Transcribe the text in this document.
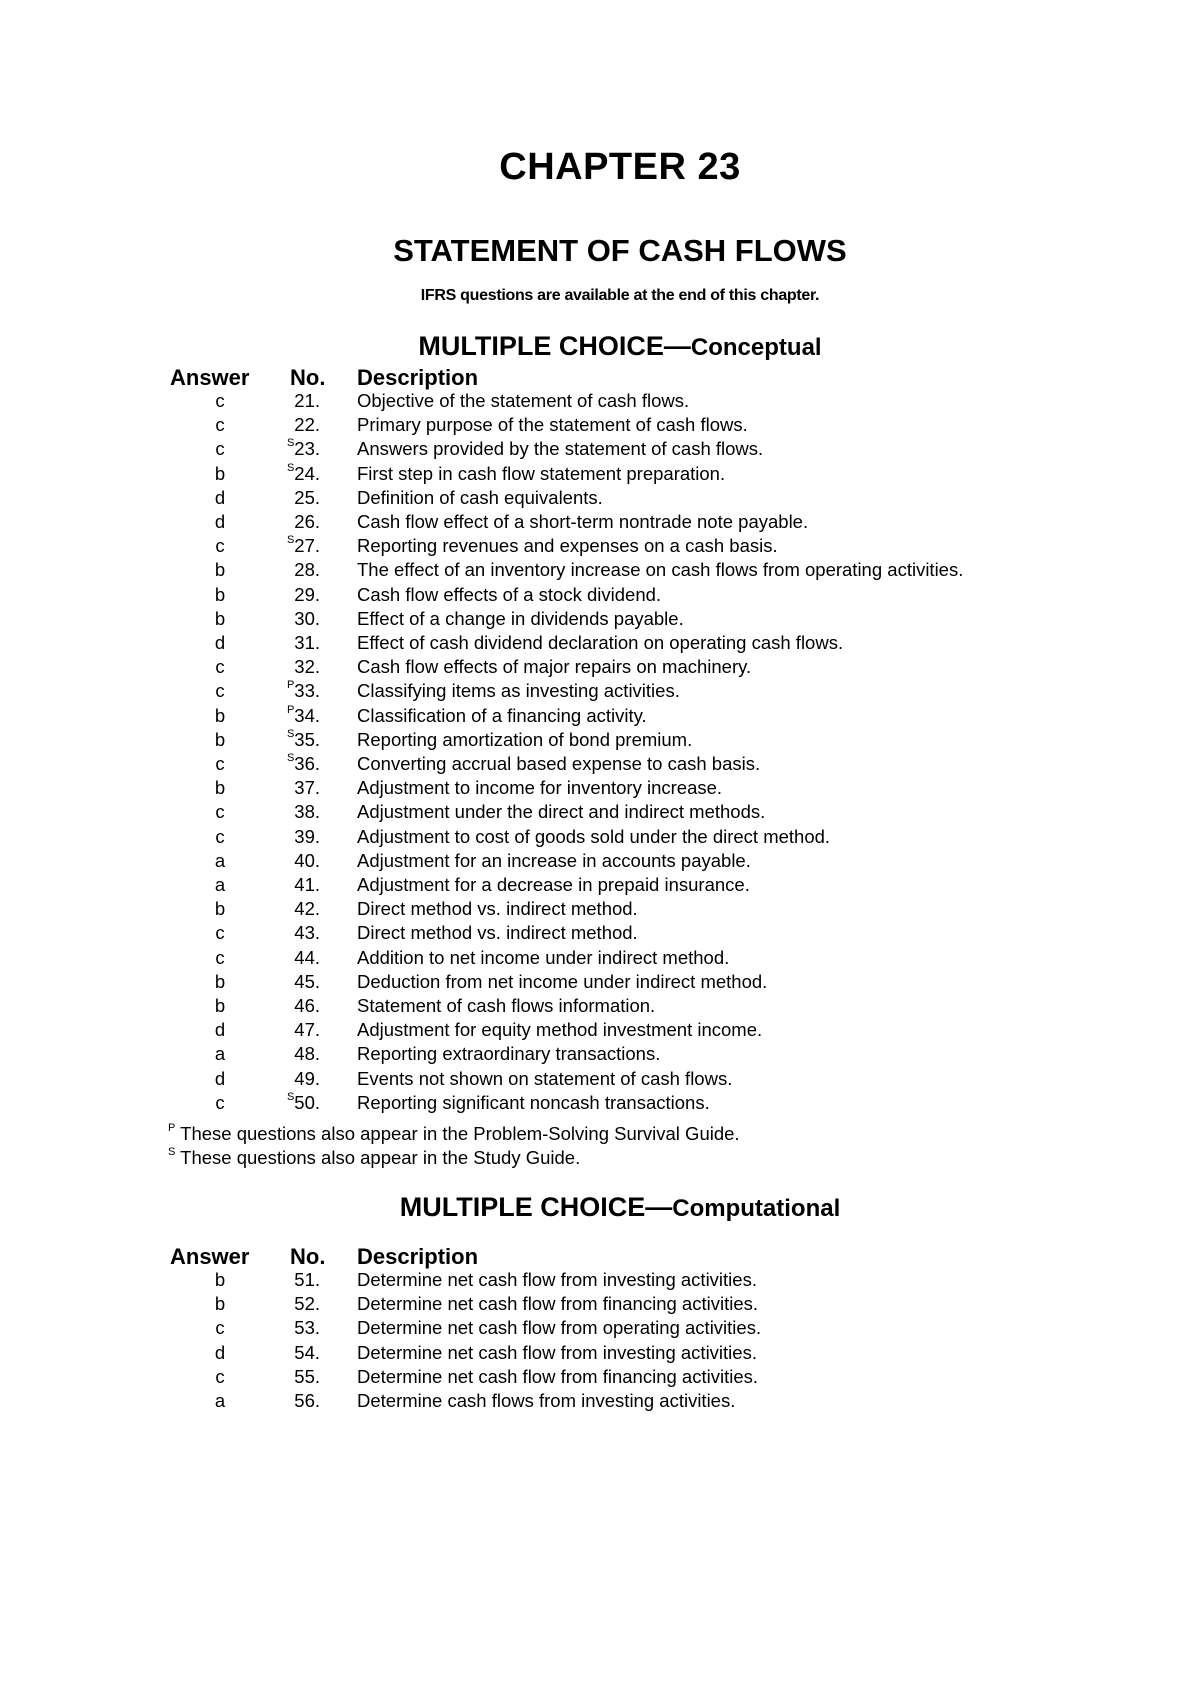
CHAPTER 23
STATEMENT OF CASH FLOWS
IFRS questions are available at the end of this chapter.
MULTIPLE CHOICE—Conceptual
Answer No. Description
c	21. Objective of the statement of cash flows.
c	22. Primary purpose of the statement of cash flows.
c	$^S$23. Answers provided by the statement of cash flows.
b	$^S$24. First step in cash flow statement preparation.
d	25. Definition of cash equivalents.
d	26. Cash flow effect of a short-term nontrade note payable.
c	$^S$27. Reporting revenues and expenses on a cash basis.
b	28. The effect of an inventory increase on cash flows from operating activities.
b	29. Cash flow effects of a stock dividend.
b	30. Effect of a change in dividends payable.
d	31. Effect of cash dividend declaration on operating cash flows.
c	32. Cash flow effects of major repairs on machinery.
c	$^P$33. Classifying items as investing activities.
b	$^P$34. Classification of a financing activity.
b	$^S$35. Reporting amortization of bond premium.
c	$^S$36. Converting accrual based expense to cash basis.
b	37. Adjustment to income for inventory increase.
c	38. Adjustment under the direct and indirect methods.
c	39. Adjustment to cost of goods sold under the direct method.
a	40. Adjustment for an increase in accounts payable.
a	41. Adjustment for a decrease in prepaid insurance.
b	42. Direct method vs. indirect method.
c	43. Direct method vs. indirect method.
c	44. Addition to net income under indirect method.
b	45. Deduction from net income under indirect method.
b	46. Statement of cash flows information.
d	47. Adjustment for equity method investment income.
a	48. Reporting extraordinary transactions.
d	49. Events not shown on statement of cash flows.
c	$^S$50. Reporting significant noncash transactions.
$^P$ These questions also appear in the Problem-Solving Survival Guide.
$^S$ These questions also appear in the Study Guide.
MULTIPLE CHOICE—Computational
Answer No. Description
b	51. Determine net cash flow from investing activities.
b	52. Determine net cash flow from financing activities.
c	53. Determine net cash flow from operating activities.
d	54. Determine net cash flow from investing activities.
c	55. Determine net cash flow from financing activities.
a	56. Determine cash flows from investing activities.
